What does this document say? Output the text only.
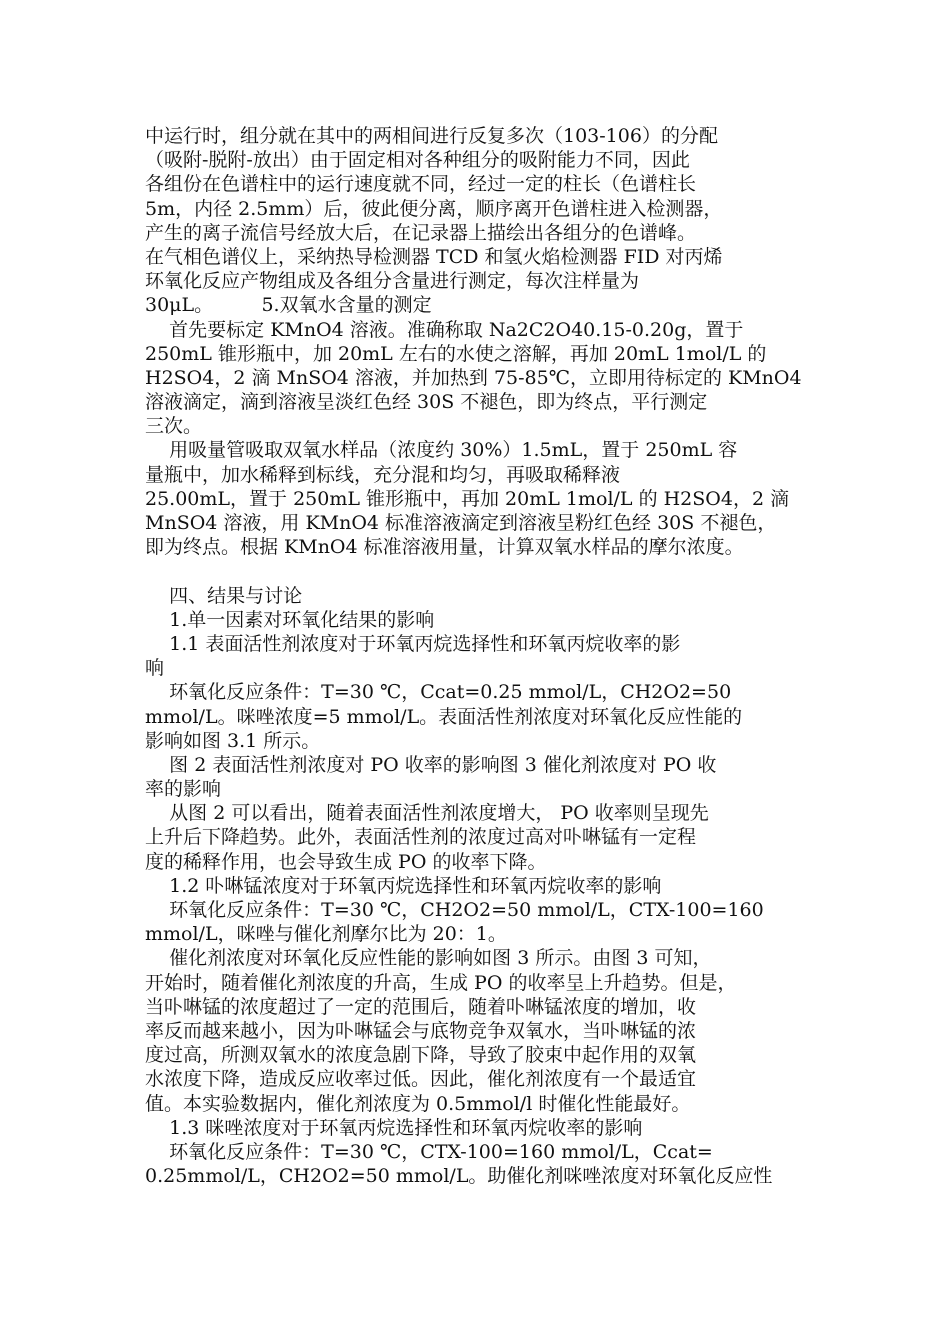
中运行时，组分就在其中的两相间进行反复多次（103-106）的分配
（吸附-脱附-放出）由于固定相对各种组分的吸附能力不同，因此
各组份在色谱柱中的运行速度就不同，经过一定的柱长（色谱柱长
5m，内径 2.5mm）后，彼此便分离，顺序离开色谱柱进入检测器，
产生的离子流信号经放大后，在记录器上描绘出各组分的色谱峰。
在气相色谱仪上，采纳热导检测器 TCD 和氢火焰检测器 FID 对丙烯
环氧化反应产物组成及各组分含量进行测定，每次注样量为
30μL。        5.双氧水含量的测定
首先要标定 KMnO4 溶液。准确称取 Na2C2O40.15-0.20g，置于
250mL 锥形瓶中，加 20mL 左右的水使之溶解，再加 20mL 1mol/L 的
H2SO4，2 滴 MnSO4 溶液，并加热到 75-85℃，立即用待标定的 KMnO4
溶液滴定，滴到溶液呈淡红色经 30S 不褪色，即为终点，平行测定
三次。
用吸量管吸取双氧水样品（浓度约 30%）1.5mL，置于 250mL 容
量瓶中，加水稀释到标线，充分混和均匀，再吸取稀释液
25.00mL，置于 250mL 锥形瓶中，再加 20mL 1mol/L 的 H2SO4，2 滴
MnSO4 溶液，用 KMnO4 标准溶液滴定到溶液呈粉红色经 30S 不褪色，
即为终点。根据 KMnO4 标准溶液用量，计算双氧水样品的摩尔浓度。
四、结果与讨论
1.单一因素对环氧化结果的影响
1.1 表面活性剂浓度对于环氧丙烷选择性和环氧丙烷收率的影
响
环氧化反应条件：T=30 ℃，Ccat=0.25 mmol/L，CH2O2=50
mmol/L。咪唑浓度=5 mmol/L。表面活性剂浓度对环氧化反应性能的
影响如图 3.1 所示。
图 2 表面活性剂浓度对 PO 收率的影响图 3 催化剂浓度对 PO 收
率的影响
从图 2 可以看出，随着表面活性剂浓度增大， PO 收率则呈现先
上升后下降趋势。此外，表面活性剂的浓度过高对卟啉锰有一定程
度的稀释作用，也会导致生成 PO 的收率下降。
1.2 卟啉锰浓度对于环氧丙烷选择性和环氧丙烷收率的影响
环氧化反应条件：T=30 ℃，CH2O2=50 mmol/L，CTX-100=160
mmol/L，咪唑与催化剂摩尔比为 20：1。
催化剂浓度对环氧化反应性能的影响如图 3 所示。由图 3 可知，
开始时，随着催化剂浓度的升高，生成 PO 的收率呈上升趋势。但是，
当卟啉锰的浓度超过了一定的范围后，随着卟啉锰浓度的增加，收
率反而越来越小，因为卟啉锰会与底物竞争双氧水，当卟啉锰的浓
度过高，所测双氧水的浓度急剧下降，导致了胶束中起作用的双氧
水浓度下降，造成反应收率过低。因此，催化剂浓度有一个最适宜
值。本实验数据内，催化剂浓度为 0.5mmol/l 时催化性能最好。
1.3 咪唑浓度对于环氧丙烷选择性和环氧丙烷收率的影响
环氧化反应条件：T=30 ℃，CTX-100=160 mmol/L，Ccat=
0.25mmol/L，CH2O2=50 mmol/L。助催化剂咪唑浓度对环氧化反应性
